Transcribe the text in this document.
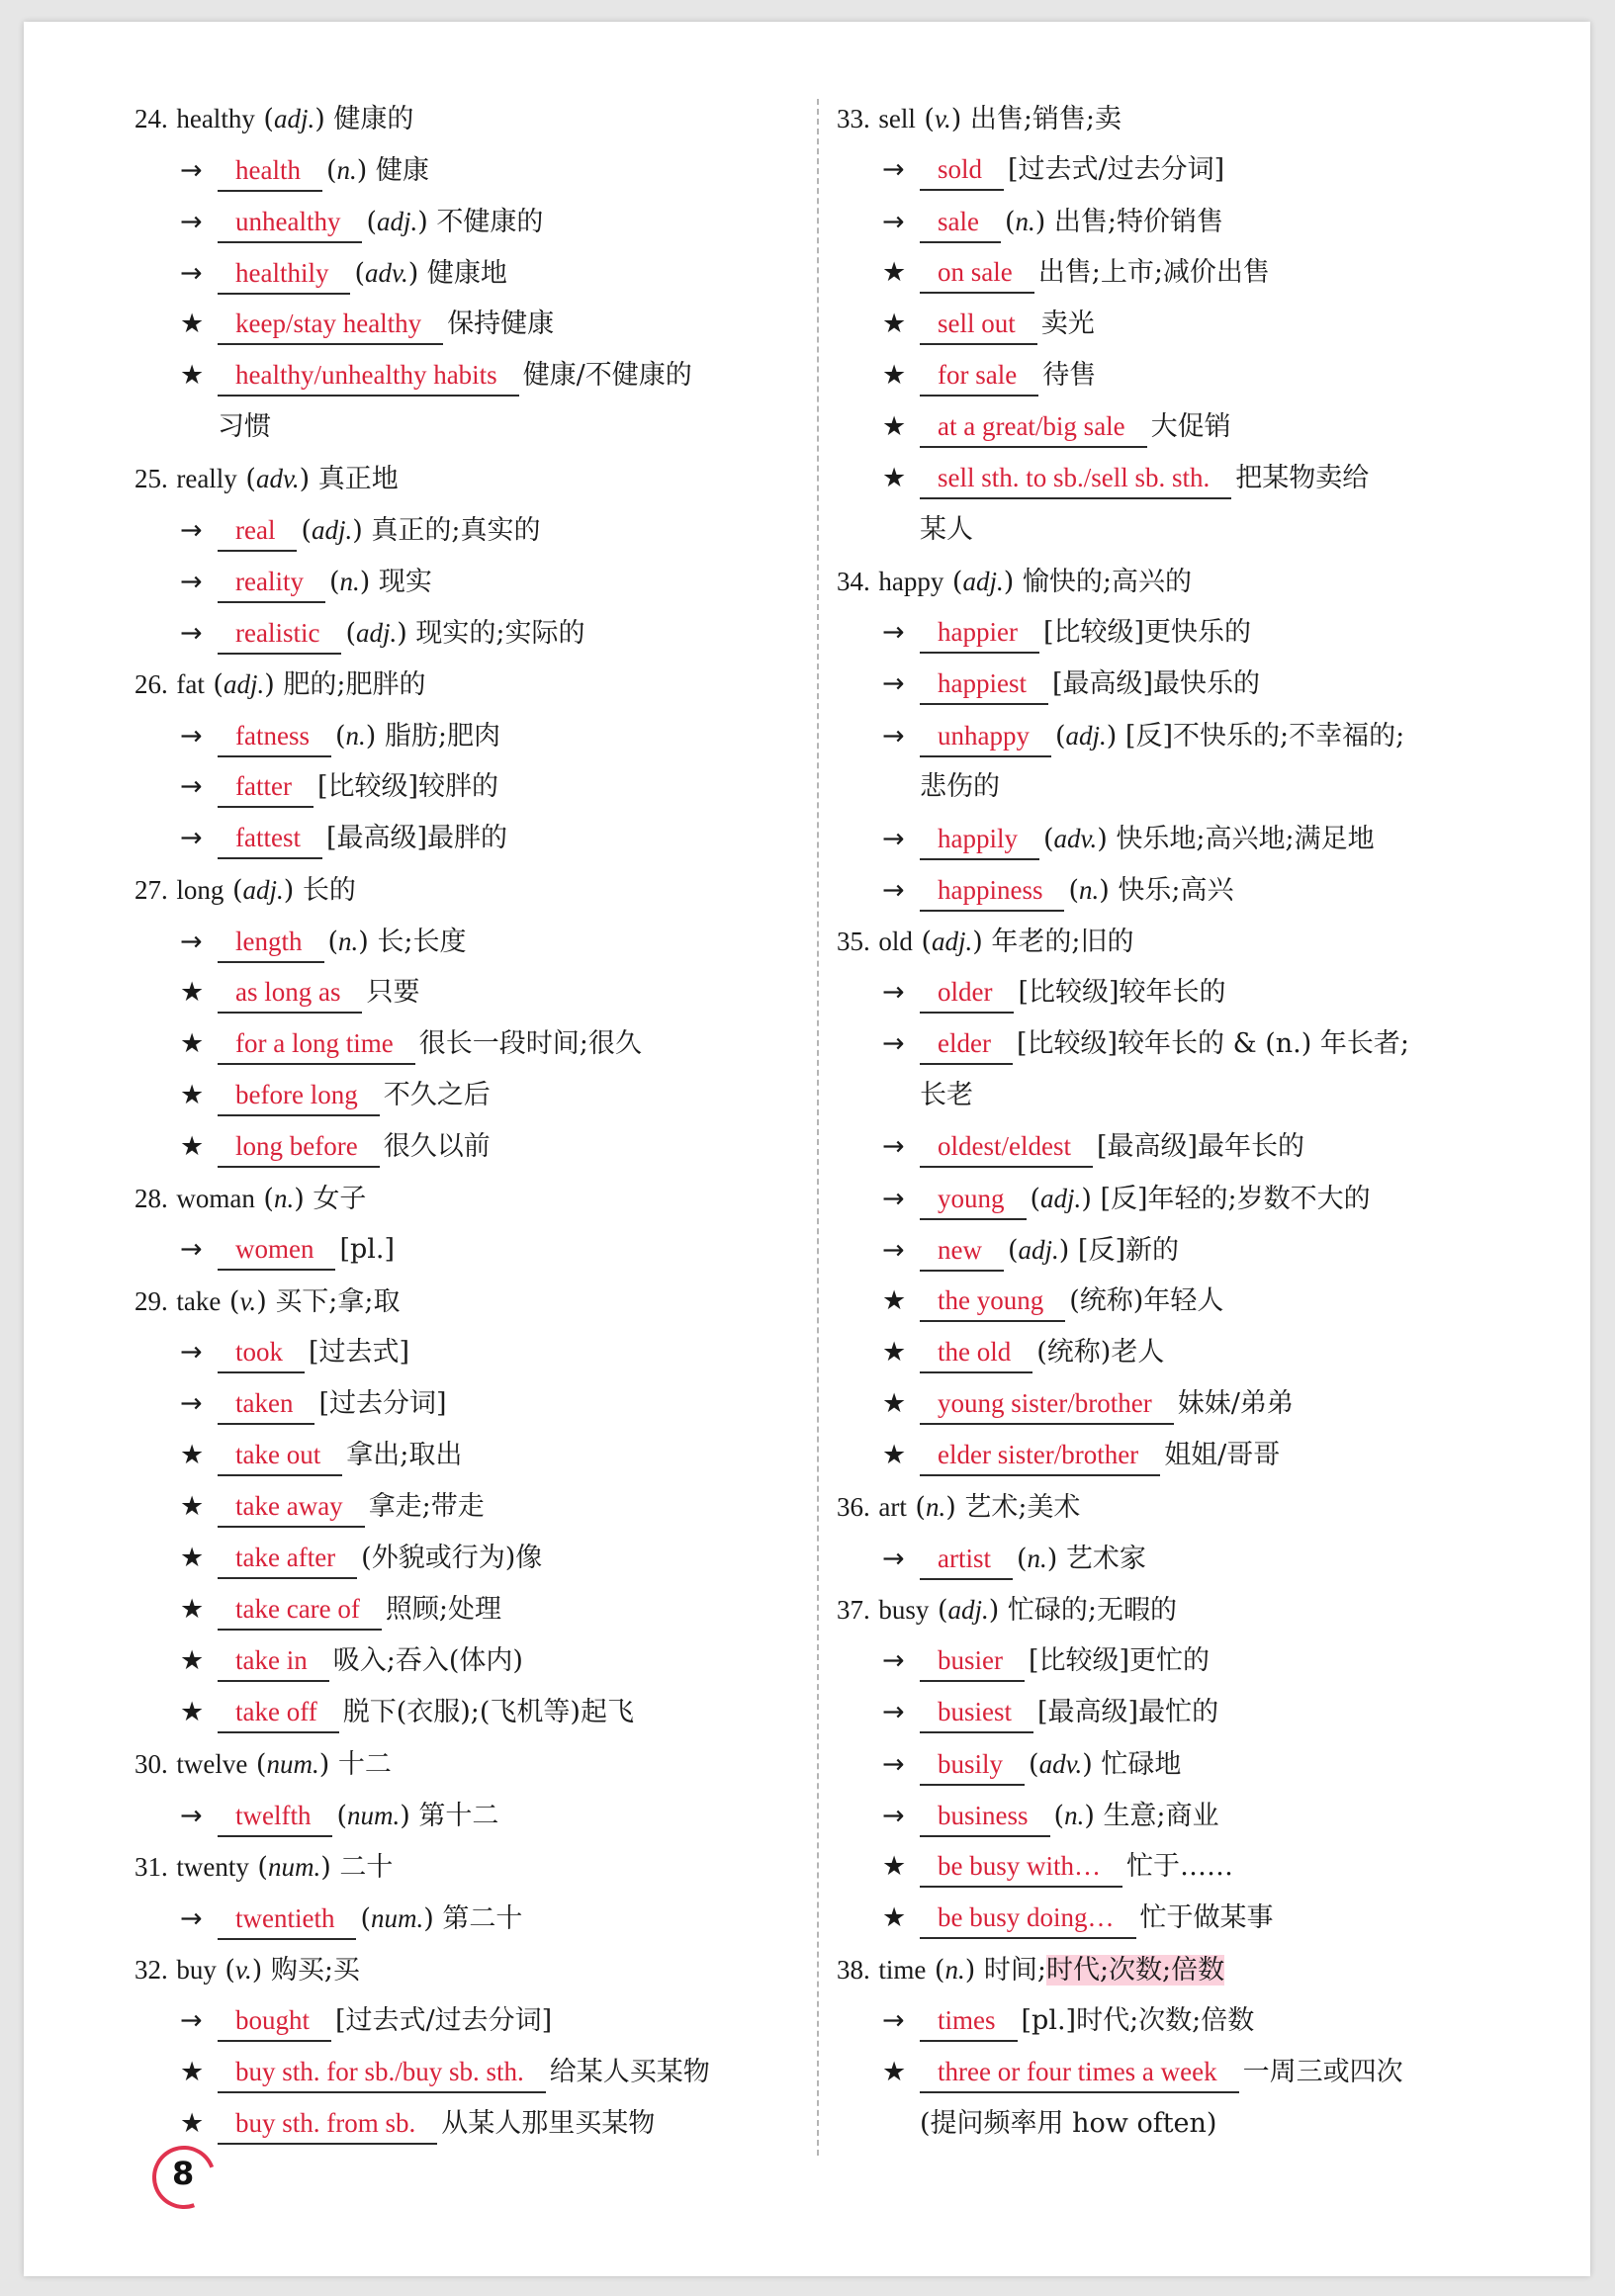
24. healthy (adj.) 健康的
→ health (n.) 健康
→ unhealthy (adj.) 不健康的
→ healthily (adv.) 健康地
★ keep/stay healthy 保持健康
★ healthy/unhealthy habits 健康/不健康的
习惯
25. really (adv.) 真正地
→ real (adj.) 真正的;真实的
→ reality (n.) 现实
→ realistic (adj.) 现实的;实际的
26. fat (adj.) 肥的;肥胖的
→ fatness (n.) 脂肪;肥肉
→ fatter [比较级]较胖的
→ fattest [最高级]最胖的
27. long (adj.) 长的
→ length (n.) 长;长度
★ as long as 只要
★ for a long time 很长一段时间;很久
★ before long 不久之后
★ long before 很久以前
28. woman (n.) 女子
→ women [pl.]
29. take (v.) 买下;拿;取
→ took [过去式]
→ taken [过去分词]
★ take out 拿出;取出
★ take away 拿走;带走
★ take after (外貌或行为)像
★ take care of 照顾;处理
★ take in 吸入;吞入(体内)
★ take off 脱下(衣服);(飞机等)起飞
30. twelve (num.) 十二
→ twelfth (num.) 第十二
31. twenty (num.) 二十
→ twentieth (num.) 第二十
32. buy (v.) 购买;买
→ bought [过去式/过去分词]
★ buy sth. for sb./buy sb. sth. 给某人买某物
★ buy sth. from sb. 从某人那里买某物
33. sell (v.) 出售;销售;卖
→ sold [过去式/过去分词]
→ sale (n.) 出售;特价销售
★ on sale 出售;上市;减价出售
★ sell out 卖光
★ for sale 待售
★ at a great/big sale 大促销
★ sell sth. to sb./sell sb. sth. 把某物卖给
某人
34. happy (adj.) 愉快的;高兴的
→ happier [比较级]更快乐的
→ happiest [最高级]最快乐的
→ unhappy (adj.) [反]不快乐的;不幸福的;
悲伤的
→ happily (adv.) 快乐地;高兴地;满足地
→ happiness (n.) 快乐;高兴
35. old (adj.) 年老的;旧的
→ older [比较级]较年长的
→ elder [比较级]较年长的 & (n.) 年长者;
长老
→ oldest/eldest [最高级]最年长的
→ young (adj.) [反]年轻的;岁数不大的
→ new (adj.) [反]新的
★ the young (统称)年轻人
★ the old (统称)老人
★ young sister/brother 妹妹/弟弟
★ elder sister/brother 姐姐/哥哥
36. art (n.) 艺术;美术
→ artist (n.) 艺术家
37. busy (adj.) 忙碌的;无暇的
→ busier [比较级]更忙的
→ busiest [最高级]最忙的
→ busily (adv.) 忙碌地
→ business (n.) 生意;商业
★ be busy with… 忙于……
★ be busy doing… 忙于做某事
38. time (n.) 时间;时代;次数;倍数
→ times [pl.]时代;次数;倍数
★ three or four times a week 一周三或四次
(提问频率用 how often)
8
